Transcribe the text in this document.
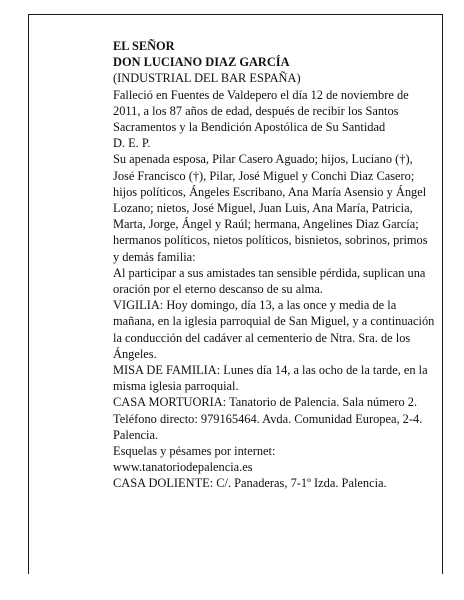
EL SEÑOR

DON LUCIANO DIAZ GARCÍA

(INDUSTRIAL DEL BAR ESPAÑA)

Falleció en Fuentes de Valdepero el día 12 de noviembre de 2011, a los 87 años de edad, después de recibir los Santos Sacramentos y la Bendición Apostólica de Su Santidad

D. E. P.

Su apenada esposa, Pilar Casero Aguado; hijos, Luciano (†), José Francisco (†), Pilar, José Miguel y Conchi Diaz Casero; hijos políticos, Ángeles Escribano, Ana María Asensio y Ángel Lozano; nietos, José Miguel, Juan Luis, Ana María, Patricia, Marta, Jorge, Ángel y Raúl; hermana, Angelines Diaz García; hermanos políticos, nietos políticos, bisnietos, sobrinos, primos y demás familia:

Al participar a sus amistades tan sensible pérdida, suplican una oración por el eterno descanso de su alma.

VIGILIA: Hoy domingo, día 13, a las once y media de la mañana, en la iglesia parroquial de San Miguel, y a continuación la conducción del cadáver al cementerio de Ntra. Sra. de los Ángeles.

MISA DE FAMILIA: Lunes día 14, a las ocho de la tarde, en la misma iglesia parroquial.

CASA MORTUORIA: Tanatorio de Palencia. Sala número 2. Teléfono directo: 979165464. Avda. Comunidad Europea, 2-4. Palencia.

Esquelas y pésames por internet:

www.tanatoriodepalencia.es

CASA DOLIENTE: C/. Panaderas, 7-1º Izda. Palencia.
